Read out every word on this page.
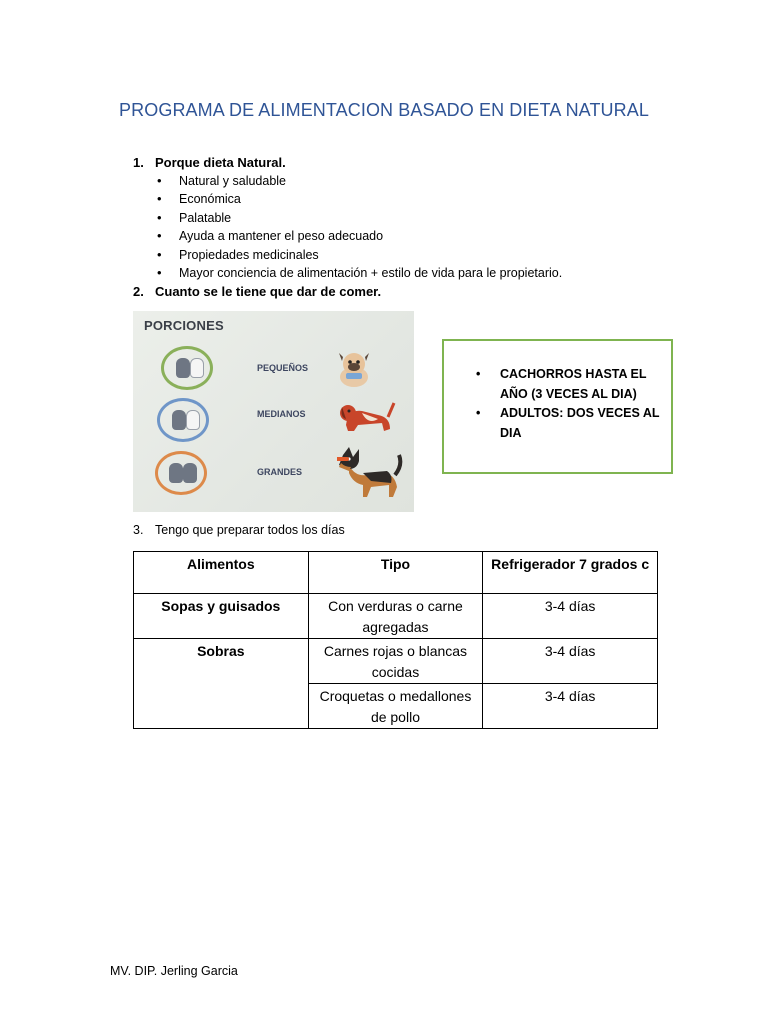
PROGRAMA DE ALIMENTACION BASADO EN DIETA NATURAL
1. Porque dieta Natural.
• Natural y saludable
• Económica
• Palatable
• Ayuda a mantener el peso adecuado
• Propiedades medicinales
• Mayor conciencia de alimentación + estilo de vida para le propietario.
2. Cuanto se le tiene que dar de comer.
PORCIONES
PEQUEÑOS
MEDIANOS
GRANDES
• CACHORROS HASTA EL AÑO (3 VECES AL DIA)
• ADULTOS: DOS VECES AL DIA
3. Tengo que preparar todos los días
Alimentos	Tipo	Refrigerador 7 grados c
Sopas y guisados	Con verduras o carne agregadas	3-4 días
Sobras	Carnes rojas o blancas cocidas	3-4 días
	Croquetas o medallones de pollo	3-4 días
MV. DIP. Jerling Garcia
